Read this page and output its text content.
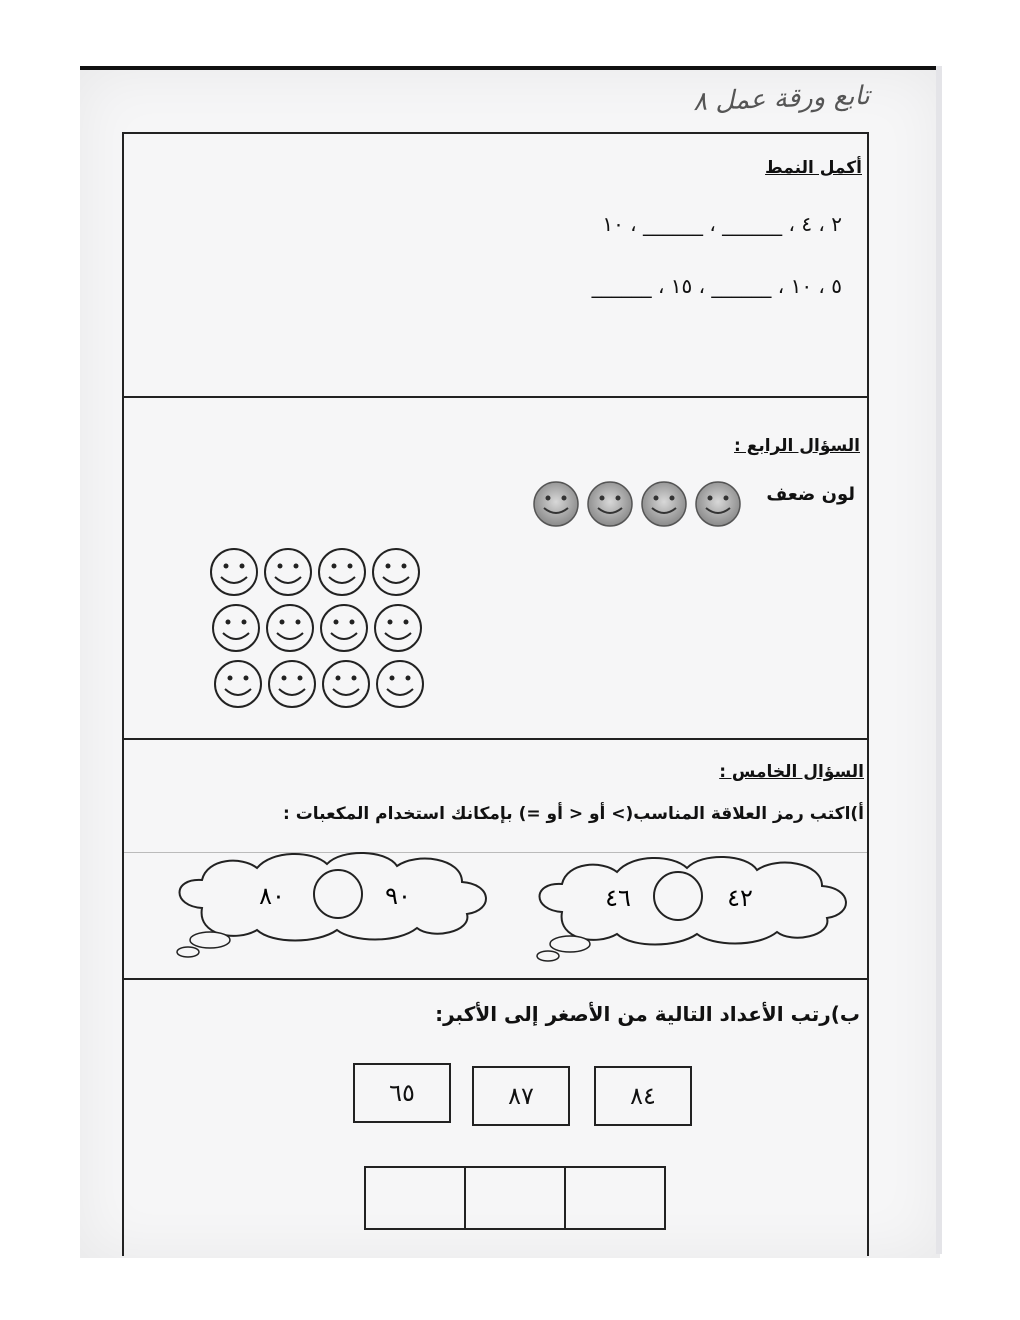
تابع ورقة عمل ٨
أكمل النمط
٢ ، ٤ ، ______ ، ______ ، ١٠
٥ ، ١٠ ، ______ ، ١٥ ، ______
السؤال الرابع :
لون ضعف
السؤال الخامس :
أ)اكتب رمز العلاقة المناسب(> أو < أو =) بإمكانك استخدام المكعبات :
٨٠	٩٠	٤٦	٤٢
ب)رتب الأعداد التالية من الأصغر إلى الأكبر:
٨٤
٨٧
٦٥
